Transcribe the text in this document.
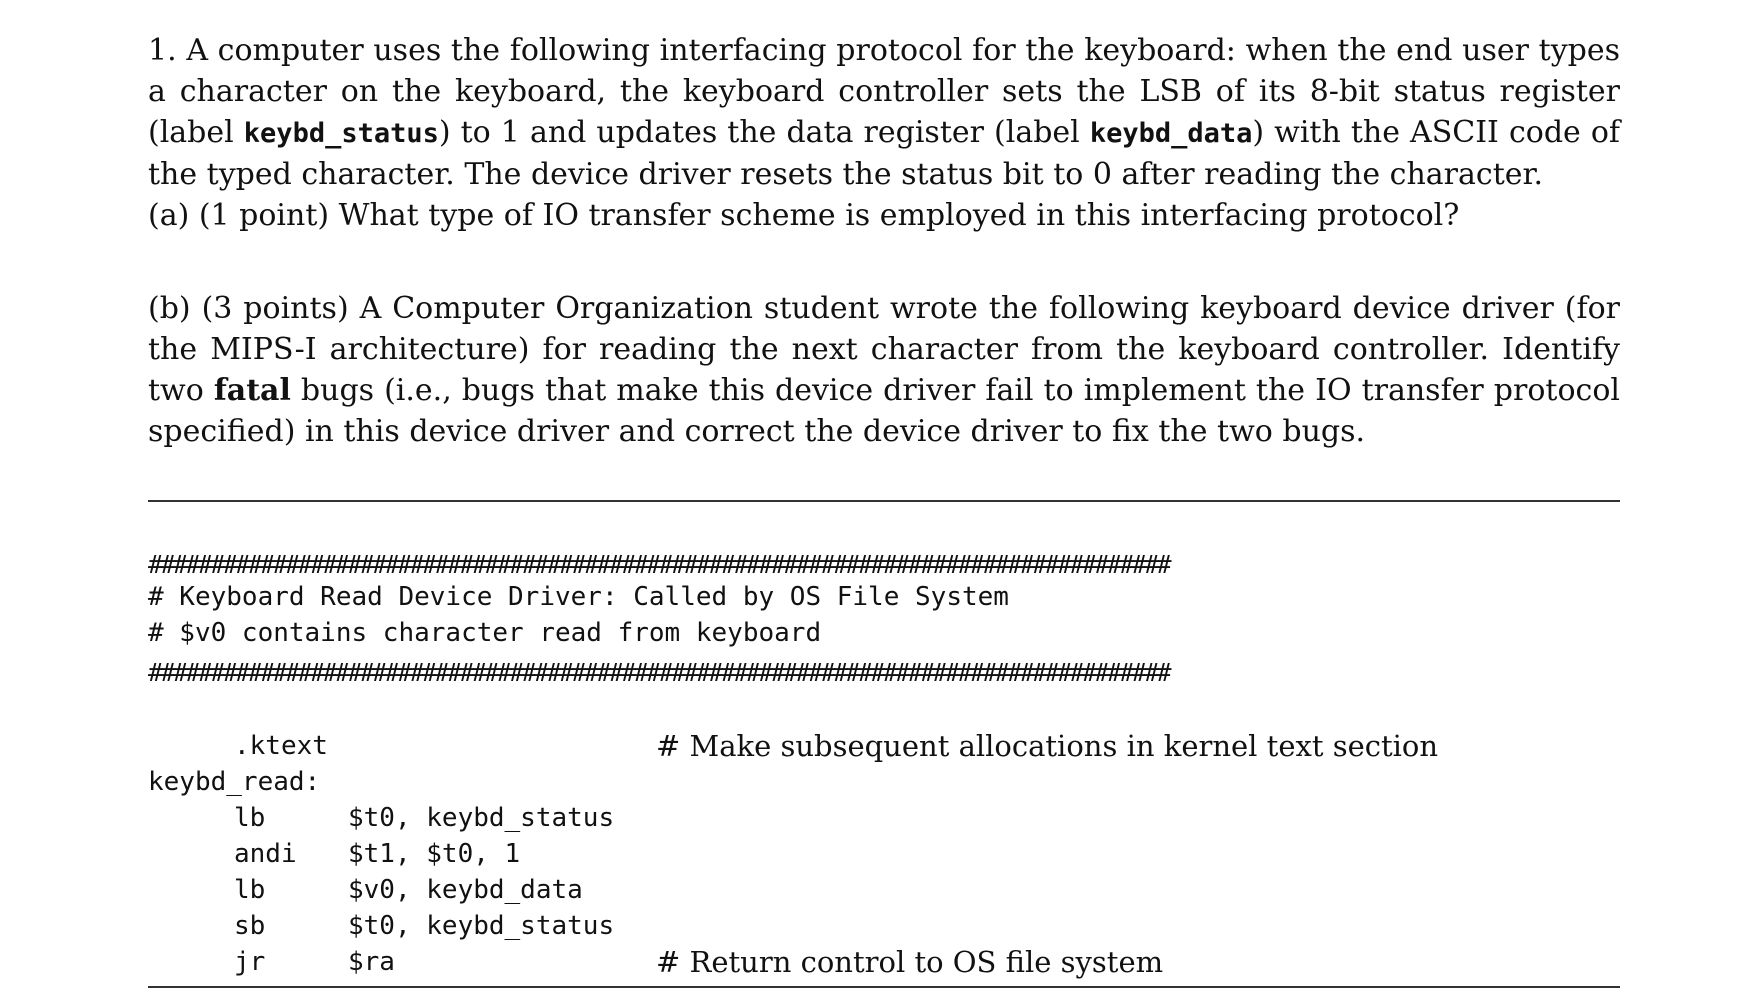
1. A computer uses the following interfacing protocol for the keyboard: when the end user types a character on the keyboard, the keyboard controller sets the LSB of its 8-bit status register (label keybd_status) to 1 and updates the data register (label keybd_data) with the ASCII code of the typed character. The device driver resets the status bit to 0 after reading the character.

(a) (1 point) What type of IO transfer scheme is employed in this interfacing protocol?

(b) (3 points) A Computer Organization student wrote the following keyboard device driver (for the MIPS-I architecture) for reading the next character from the keyboard controller. Identify two fatal bugs (i.e., bugs that make this device driver fail to implement the IO transfer protocol specified) in this device driver and correct the device driver to fix the two bugs.

##################################################################################
# Keyboard Read Device Driver: Called by OS File System
# $v0 contains character read from keyboard
##################################################################################
.ktext	# Make subsequent allocations in kernel text section
keybd_read:
lb	$t0, keybd_status
andi $t1, $t0, 1
lb	$v0, keybd_data
sb	$t0, keybd_status
jr	$ra	# Return control to OS file system
